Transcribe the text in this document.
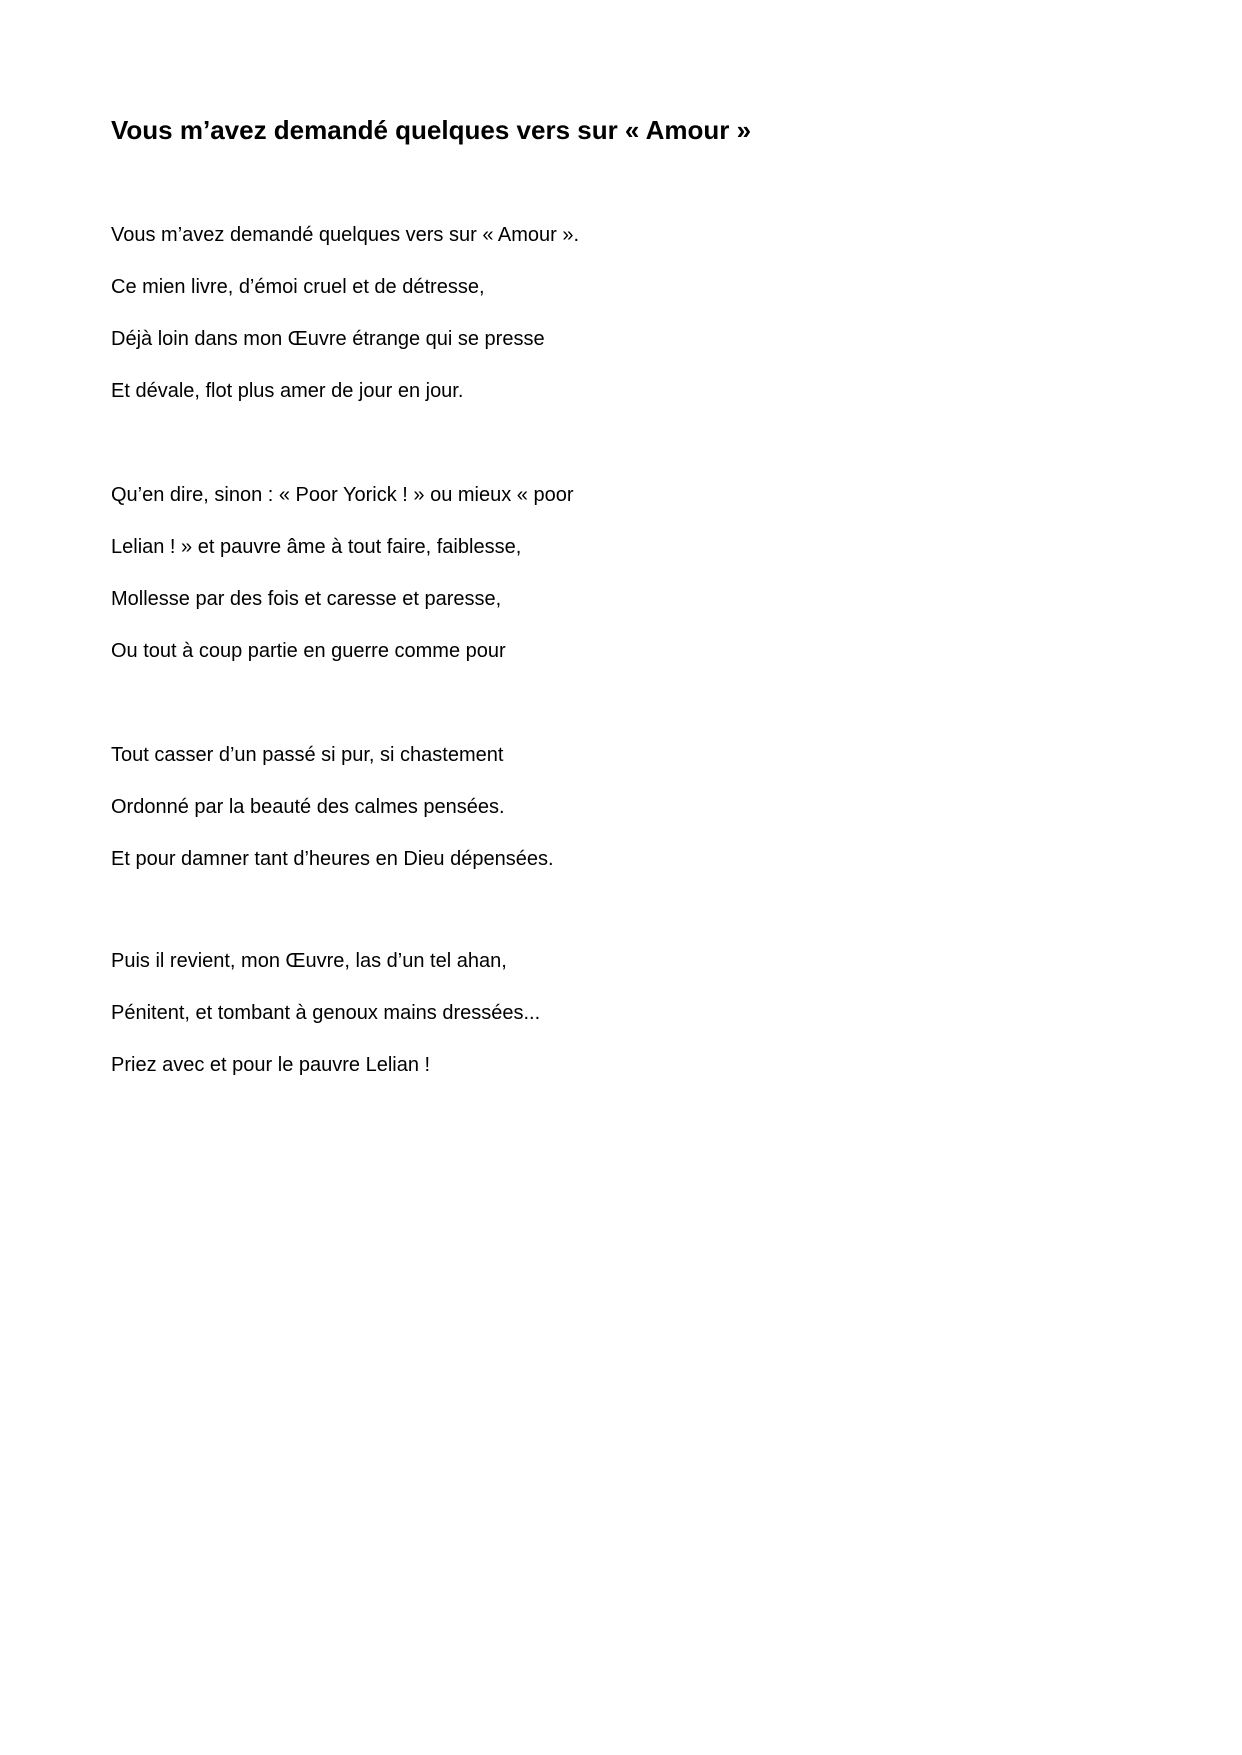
Vous m’avez demandé quelques vers sur « Amour »

Vous m’avez demandé quelques vers sur « Amour ».

Ce mien livre, d’émoi cruel et de détresse,

Déjà loin dans mon Œuvre étrange qui se presse

Et dévale, flot plus amer de jour en jour.

Qu’en dire, sinon : « Poor Yorick ! » ou mieux « poor

Lelian ! » et pauvre âme à tout faire, faiblesse,

Mollesse par des fois et caresse et paresse,

Ou tout à coup partie en guerre comme pour

Tout casser d’un passé si pur, si chastement

Ordonné par la beauté des calmes pensées.

Et pour damner tant d’heures en Dieu dépensées.

Puis il revient, mon Œuvre, las d’un tel ahan,

Pénitent, et tombant à genoux mains dressées...

Priez avec et pour le pauvre Lelian !
